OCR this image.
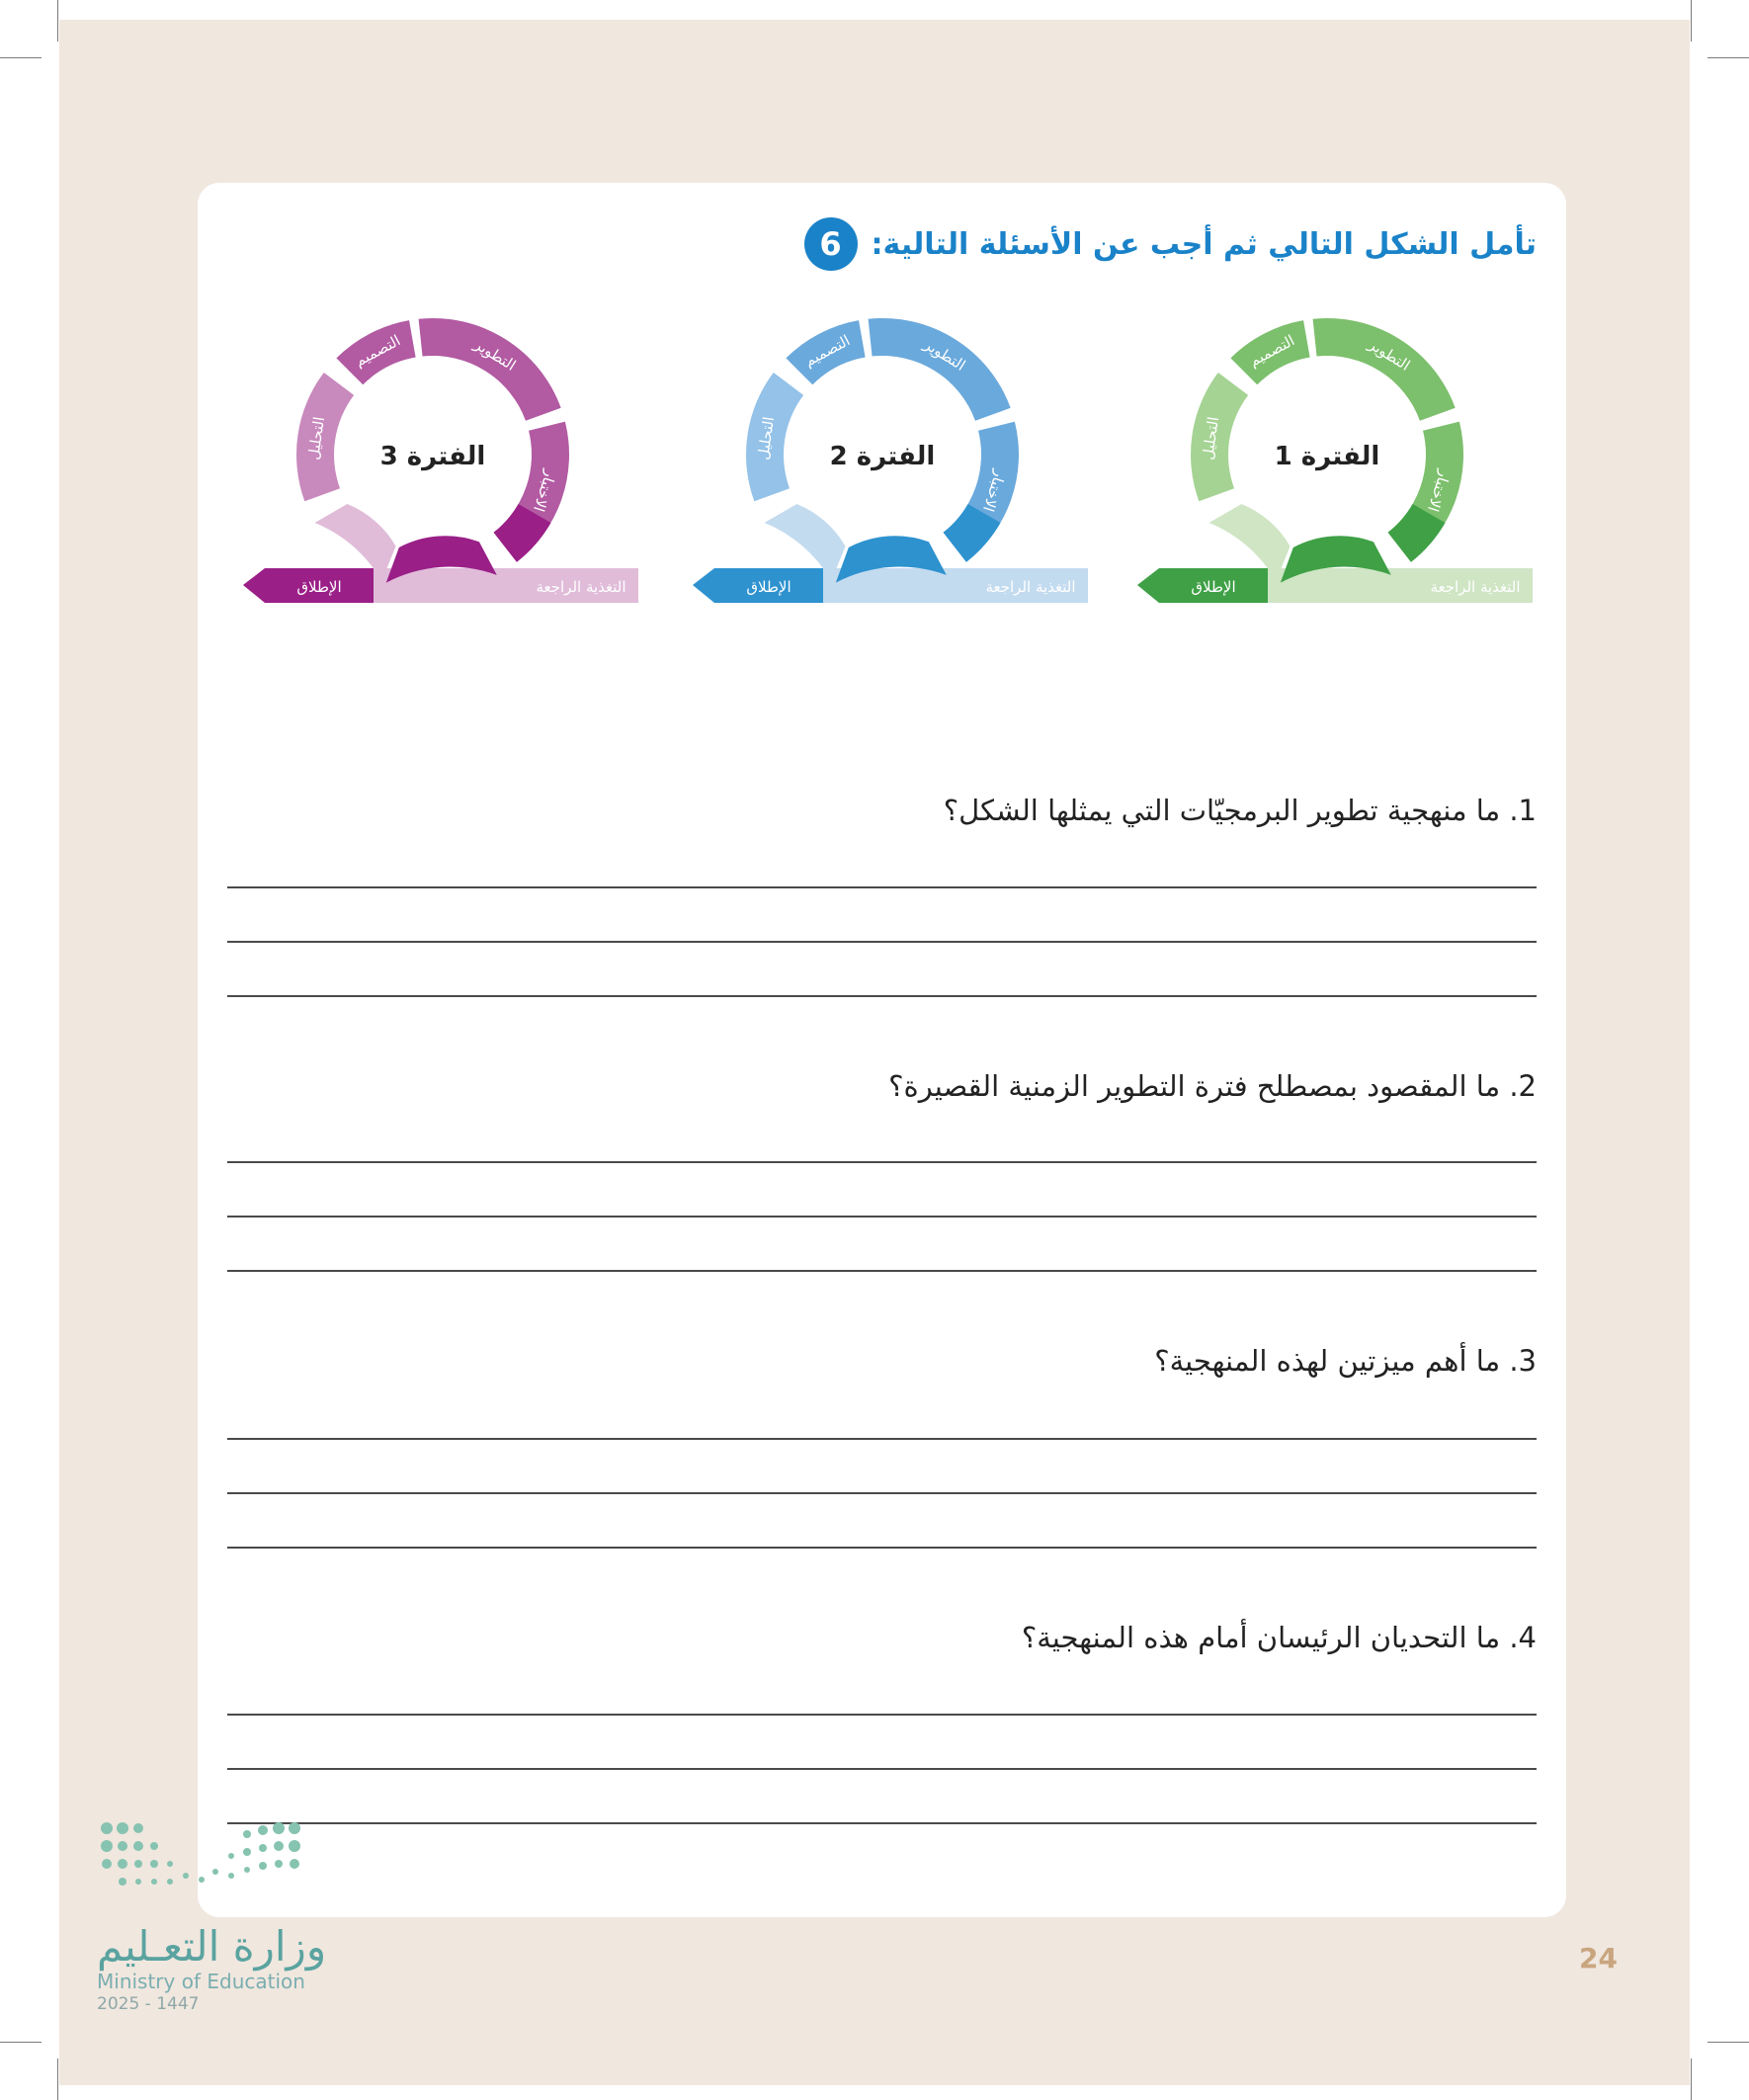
6 تأمل الشكل التالي ثم أجب عن الأسئلة التالية:
التطوير
التصميم
التحليل
الاختبار
الفترة 3
الإطلاق	التغذية الراجعة
التطوير
التصميم
التحليل
الاختبار
الفترة 2
الإطلاق	التغذية الراجعة
التطوير
التصميم
التحليل
الاختبار
الفترة 1
الإطلاق	التغذية الراجعة
1. ما منهجية تطوير البرمجيّات التي يمثلها الشكل؟
2. ما المقصود بمصطلح فترة التطوير الزمنية القصيرة؟
3. ما أهم ميزتين لهذه المنهجية؟
4. ما التحديان الرئيسان أمام هذه المنهجية؟
وزارة التعـليم
Ministry of Education
2025 - 1447
24
